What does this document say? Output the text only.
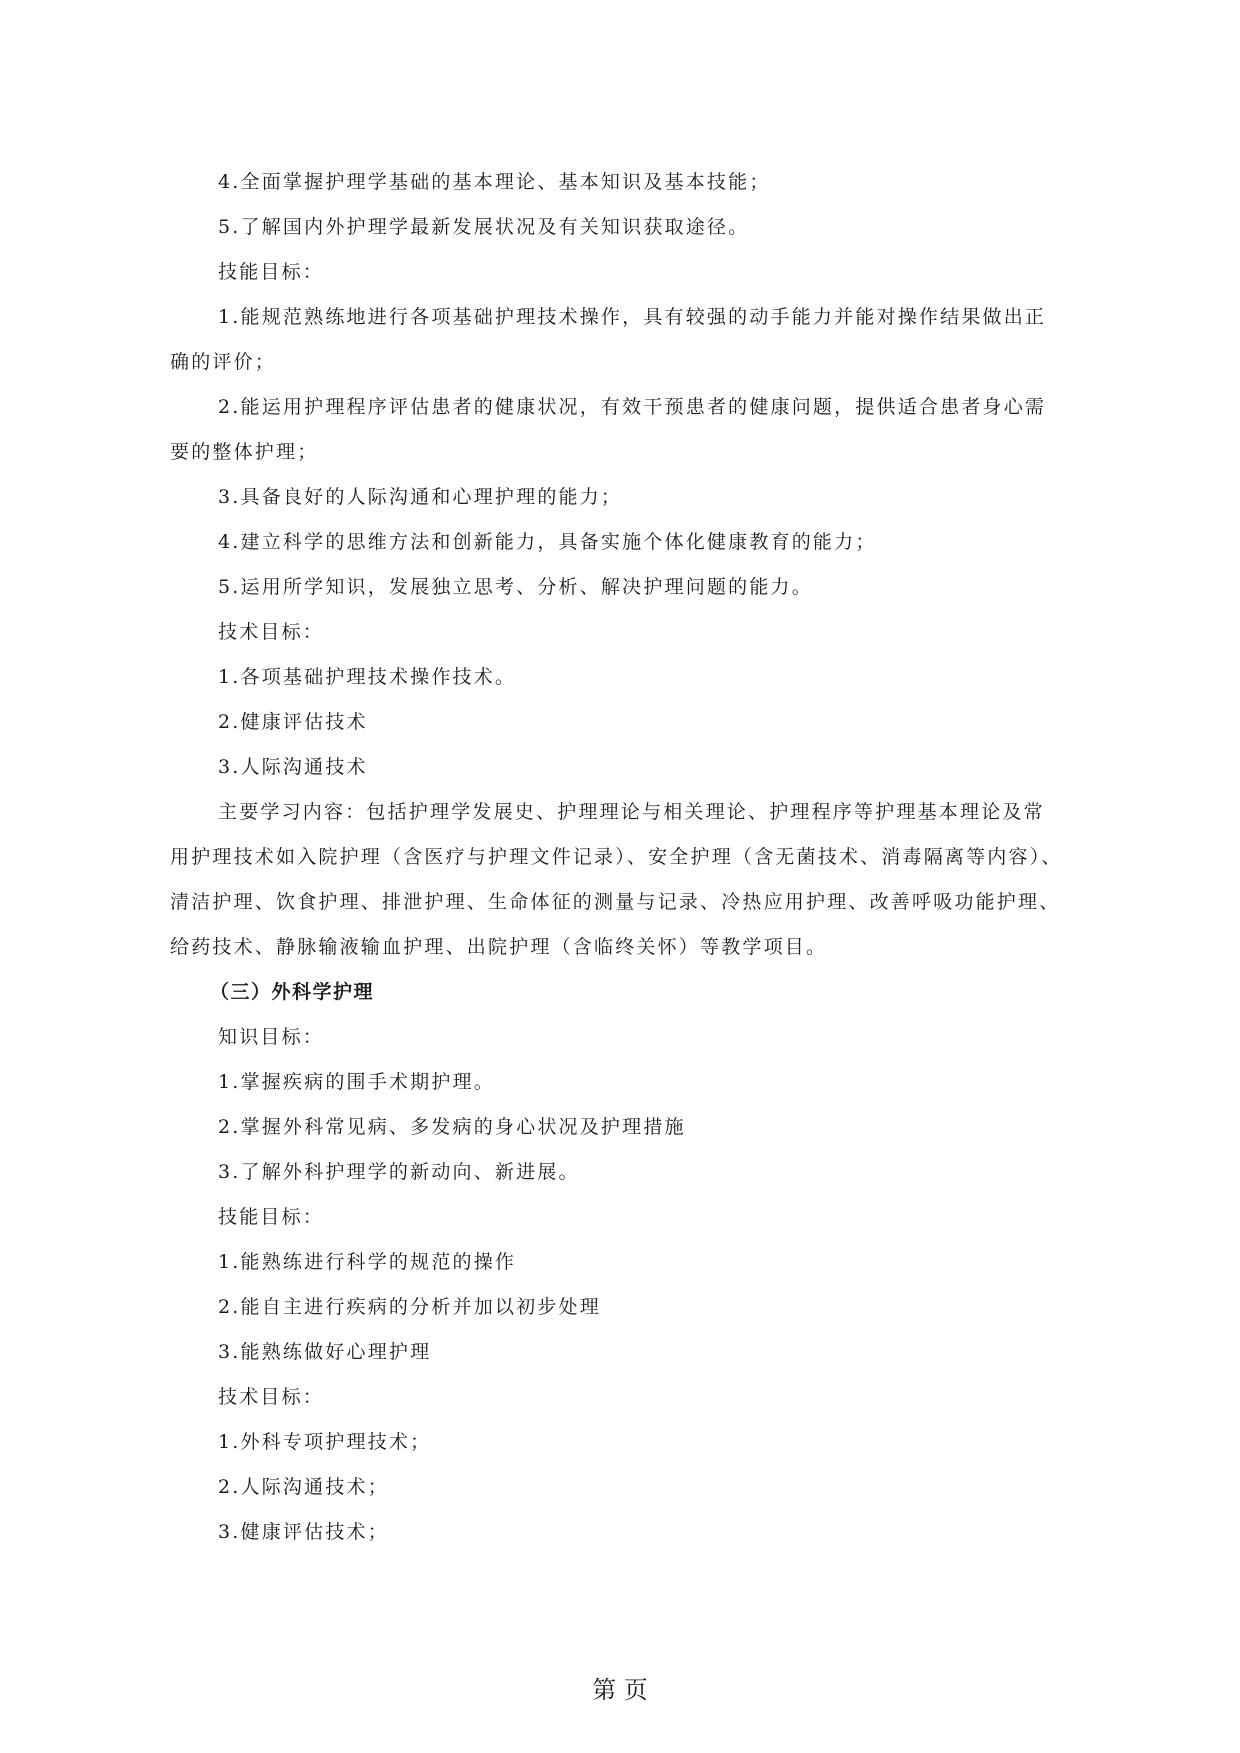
4.全面掌握护理学基础的基本理论、基本知识及基本技能；
5.了解国内外护理学最新发展状况及有关知识获取途径。
技能目标：
1.能规范熟练地进行各项基础护理技术操作，具有较强的动手能力并能对操作结果做出正
确的评价；
2.能运用护理程序评估患者的健康状况，有效干预患者的健康问题，提供适合患者身心需
要的整体护理；
3.具备良好的人际沟通和心理护理的能力；
4.建立科学的思维方法和创新能力，具备实施个体化健康教育的能力；
5.运用所学知识，发展独立思考、分析、解决护理问题的能力。
技术目标：
1.各项基础护理技术操作技术。
2.健康评估技术
3.人际沟通技术
主要学习内容：包括护理学发展史、护理理论与相关理论、护理程序等护理基本理论及常
用护理技术如入院护理（含医疗与护理文件记录）、安全护理（含无菌技术、消毒隔离等内容）、
清洁护理、饮食护理、排泄护理、生命体征的测量与记录、冷热应用护理、改善呼吸功能护理、
给药技术、静脉输液输血护理、出院护理（含临终关怀）等教学项目。
（三）外科学护理
知识目标：
1.掌握疾病的围手术期护理。
2.掌握外科常见病、多发病的身心状况及护理措施
3.了解外科护理学的新动向、新进展。
技能目标：
1.能熟练进行科学的规范的操作
2.能自主进行疾病的分析并加以初步处理
3.能熟练做好心理护理
技术目标：
1.外科专项护理技术；
2.人际沟通技术；
3.健康评估技术；
第 页
